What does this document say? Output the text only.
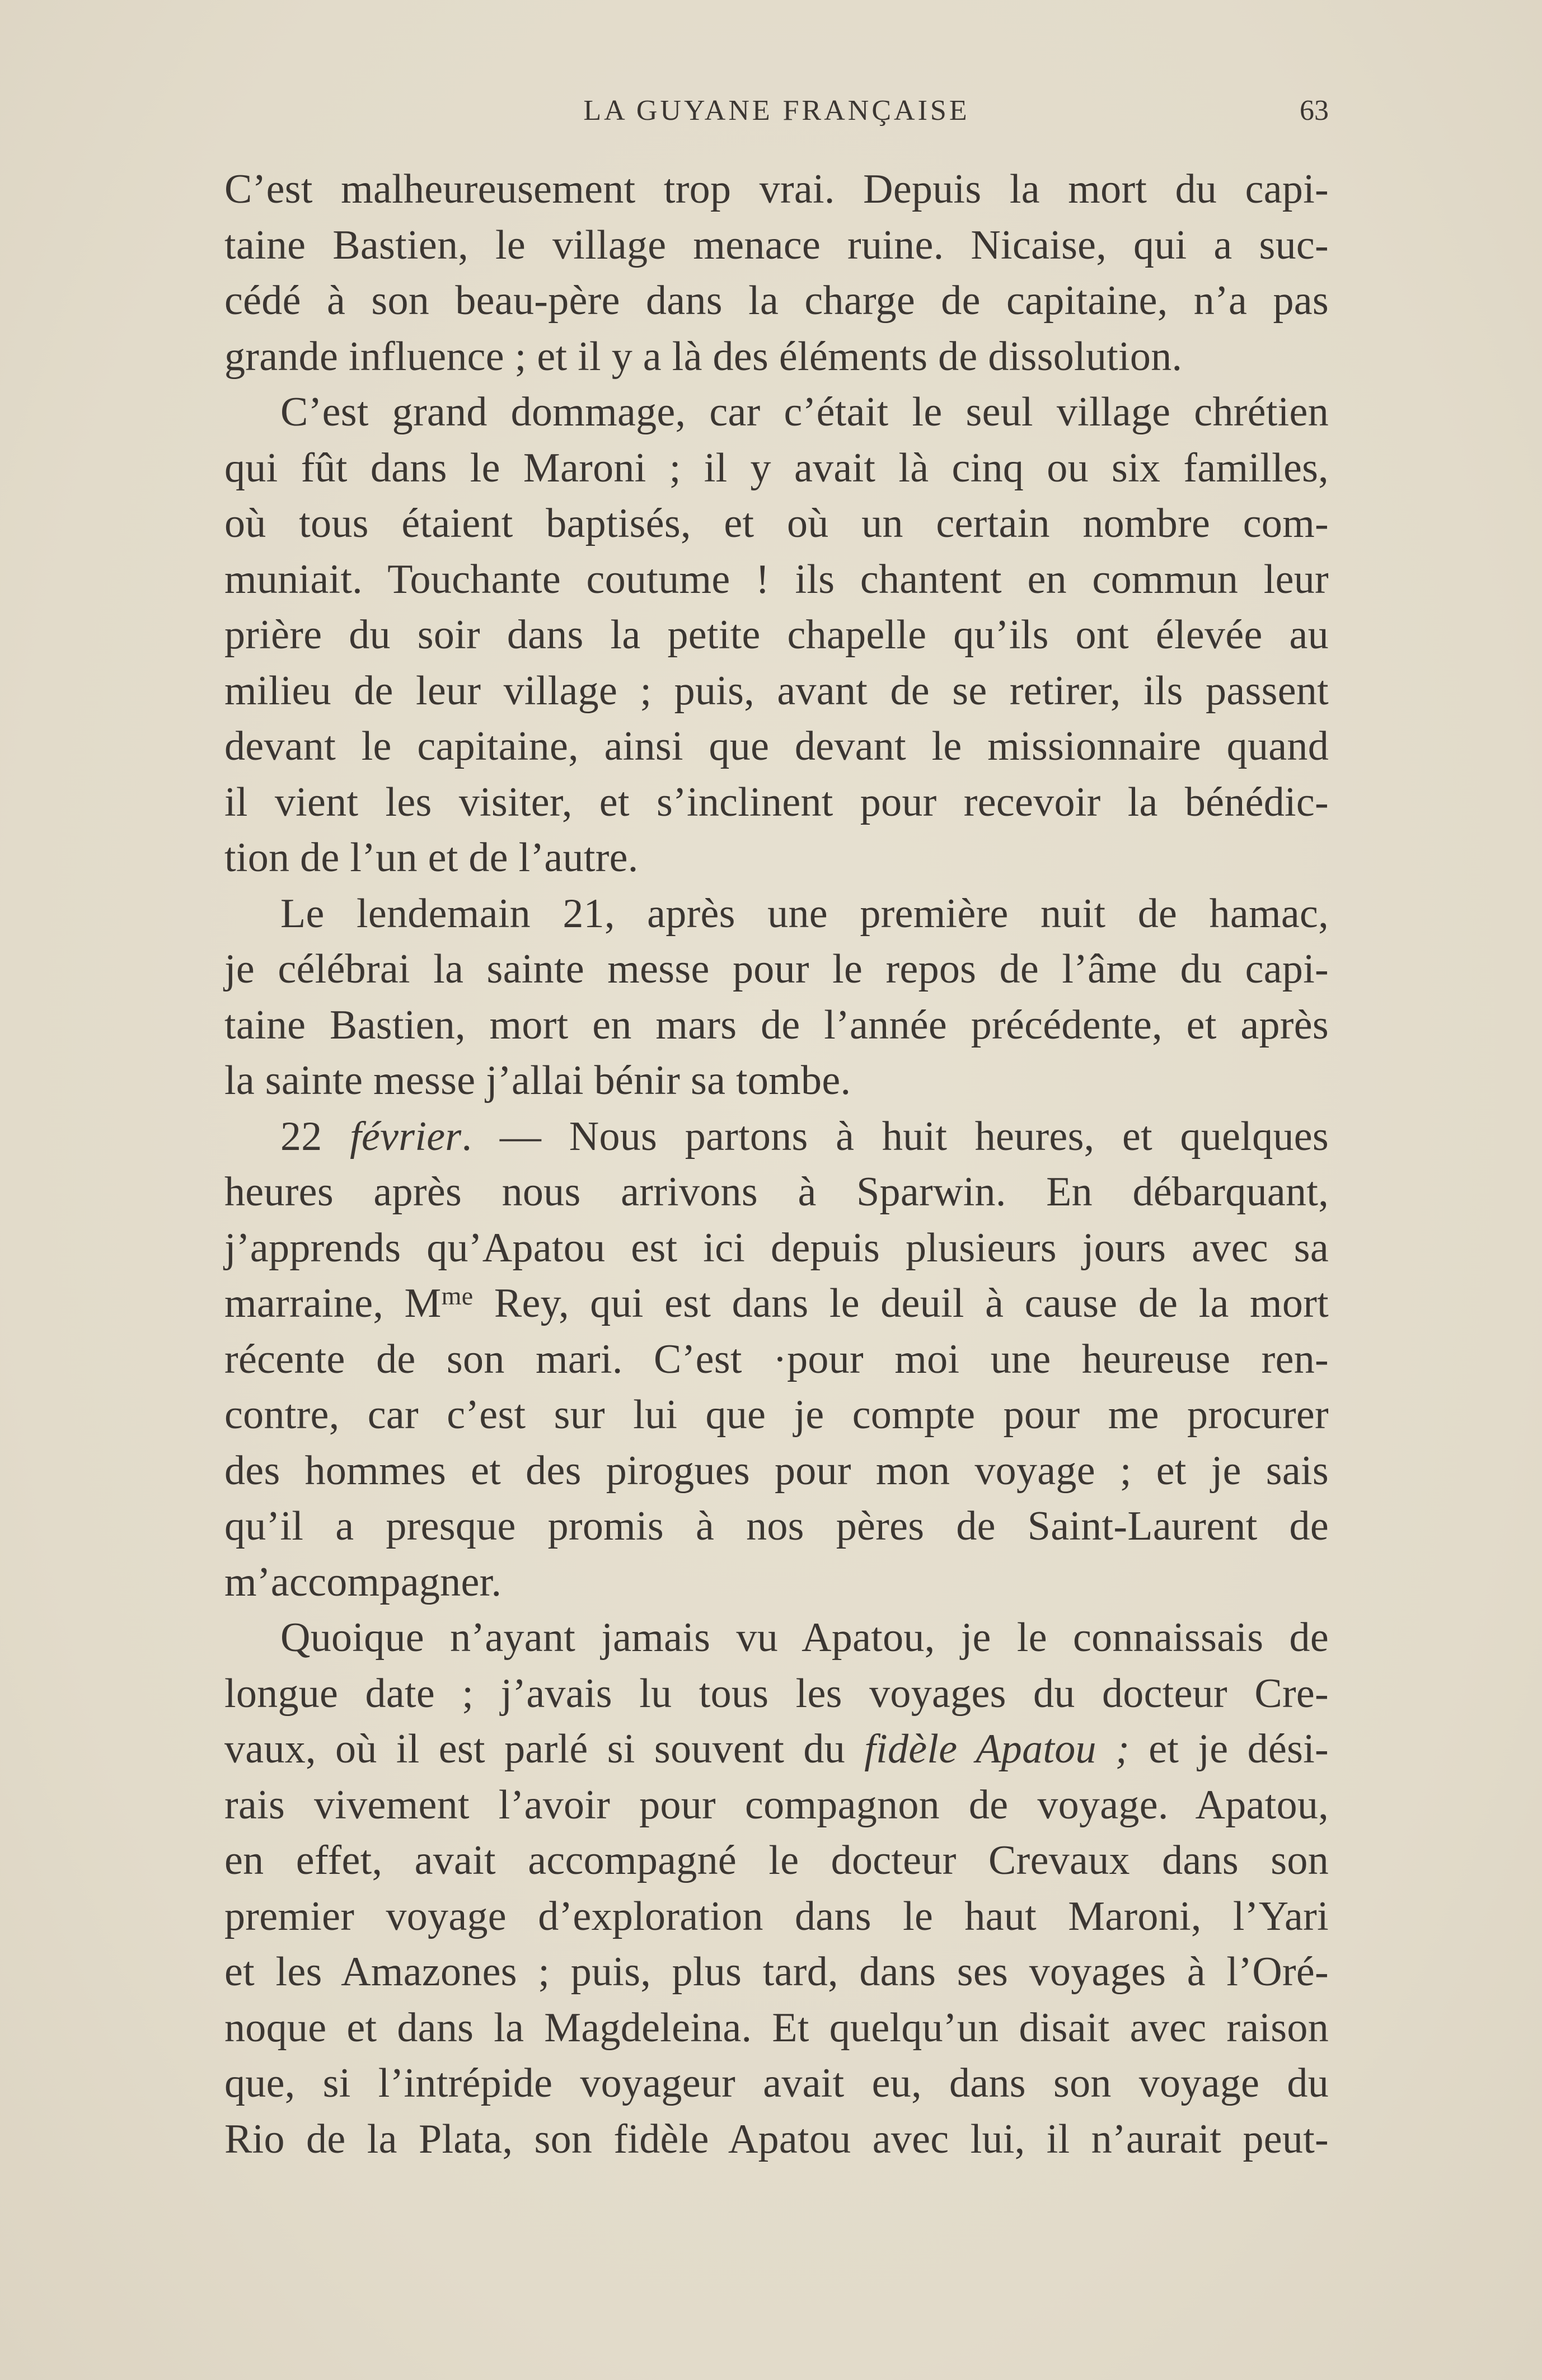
LA GUYANE FRANÇAISE	63
C’est malheureusement trop vrai. Depuis la mort du capi-
taine Bastien, le village menace ruine. Nicaise, qui a suc-
cédé à son beau-père dans la charge de capitaine, n’a pas
grande influence ; et il y a là des éléments de dissolution.
C’est grand dommage, car c’était le seul village chrétien
qui fût dans le Maroni ; il y avait là cinq ou six familles,
où tous étaient baptisés, et où un certain nombre com-
muniait. Touchante coutume ! ils chantent en commun leur
prière du soir dans la petite chapelle qu’ils ont élevée au
milieu de leur village ; puis, avant de se retirer, ils passent
devant le capitaine, ainsi que devant le missionnaire quand
il vient les visiter, et s’inclinent pour recevoir la bénédic-
tion de l’un et de l’autre.
Le lendemain 21, après une première nuit de hamac,
je célébrai la sainte messe pour le repos de l’âme du capi-
taine Bastien, mort en mars de l’année précédente, et après
la sainte messe j’allai bénir sa tombe.
22 février. — Nous partons à huit heures, et quelques
heures après nous arrivons à Sparwin. En débarquant,
j’apprends qu’Apatou est ici depuis plusieurs jours avec sa
marraine, $M^{me}$ Rey, qui est dans le deuil à cause de la mort
récente de son mari. C’est ·pour moi une heureuse ren-
contre, car c’est sur lui que je compte pour me procurer
des hommes et des pirogues pour mon voyage ; et je sais
qu’il a presque promis à nos pères de Saint-Laurent de
m’accompagner.
Quoique n’ayant jamais vu Apatou, je le connaissais de
longue date ; j’avais lu tous les voyages du docteur Cre-
vaux, où il est parlé si souvent du fidèle Apatou ; et je dési-
rais vivement l’avoir pour compagnon de voyage. Apatou,
en effet, avait accompagné le docteur Crevaux dans son
premier voyage d’exploration dans le haut Maroni, l’Yari
et les Amazones ; puis, plus tard, dans ses voyages à l’Oré-
noque et dans la Magdeleina. Et quelqu’un disait avec raison
que, si l’intrépide voyageur avait eu, dans son voyage du
Rio de la Plata, son fidèle Apatou avec lui, il n’aurait peut-
